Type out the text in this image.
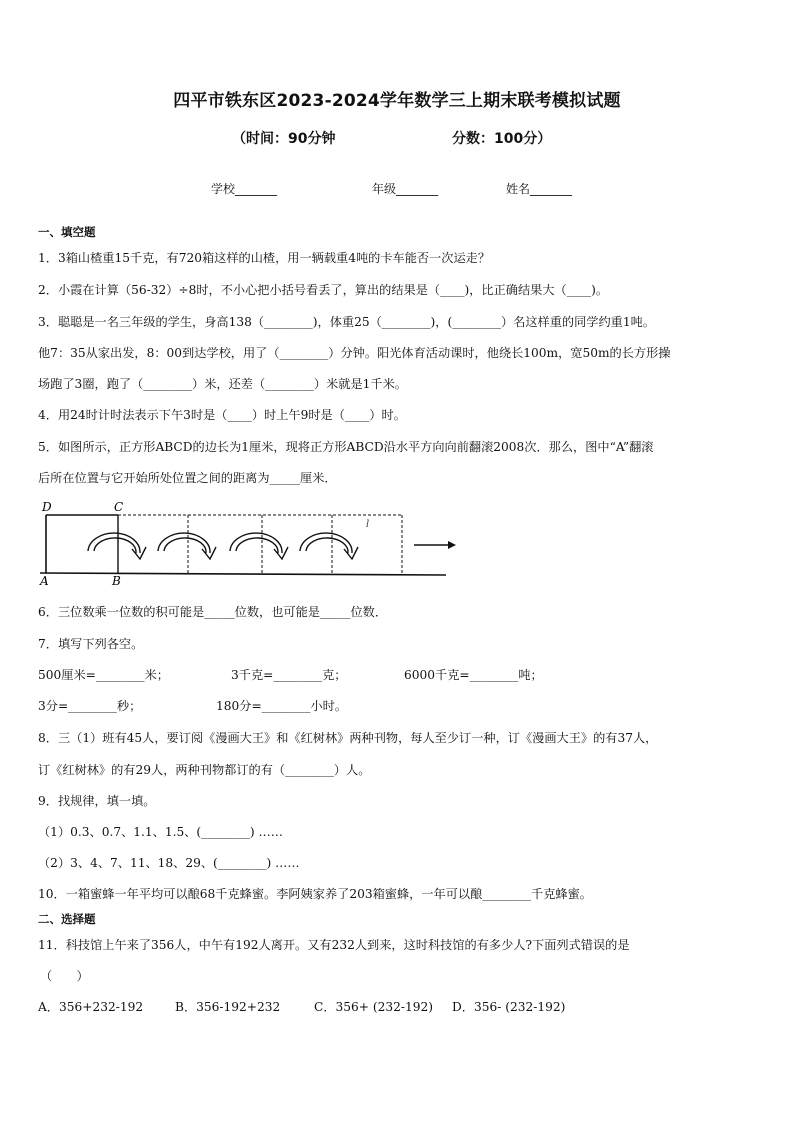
四平市铁东区2023-2024学年数学三上期末联考模拟试题
（时间：90分钟	分数：100分）
学校_______	年级_______	姓名_______
一、填空题
1．3箱山楂重15千克，有720箱这样的山楂，用一辆载重4吨的卡车能否一次运走？
2．小霞在计算（56-32）÷8时，不小心把小括号看丢了，算出的结果是（____)，比正确结果大（____)。
3．聪聪是一名三年级的学生，身高138（________)，体重25（________)，(________）名这样重的同学约重1吨。
他7：35从家出发，8：00到达学校，用了（________）分钟。阳光体育活动课时，他绕长100m，宽50m的长方形操
场跑了3圈，跑了（________）米，还差（________）米就是1千米。
4．用24时计时法表示下午3时是（____）时上午9时是（____）时。
5．如图所示，正方形ABCD的边长为1厘米，现将正方形ABCD沿水平方向向前翻滚2008次．那么，图中“A”翻滚
后所在位置与它开始所处位置之间的距离为_____厘米．
D	C
A	B
l
6．三位数乘一位数的积可能是_____位数，也可能是_____位数．
7．填写下列各空。
500厘米=________米；	3千克=________克；	6000千克=________吨；
3分=________秒；	180分=________小时。
8．三（1）班有45人，要订阅《漫画大王》和《红树林》两种刊物，每人至少订一种，订《漫画大王》的有37人，
订《红树林》的有29人，两种刊物都订的有（________）人。
9．找规律，填一填。
（1）0.3、0.7、1.1、1.5、(________) ……
（2）3、4、7、11、18、29、(________) ……
10．一箱蜜蜂一年平均可以酿68千克蜂蜜。李阿姨家养了203箱蜜蜂，一年可以酿________千克蜂蜜。
二、选择题
11．科技馆上午来了356人，中午有192人离开。又有232人到来，这时科技馆的有多少人?下面列式错误的是
（　　）
A．356+232-192	B．356-192+232	C．356+ (232-192) D．356- (232-192)
